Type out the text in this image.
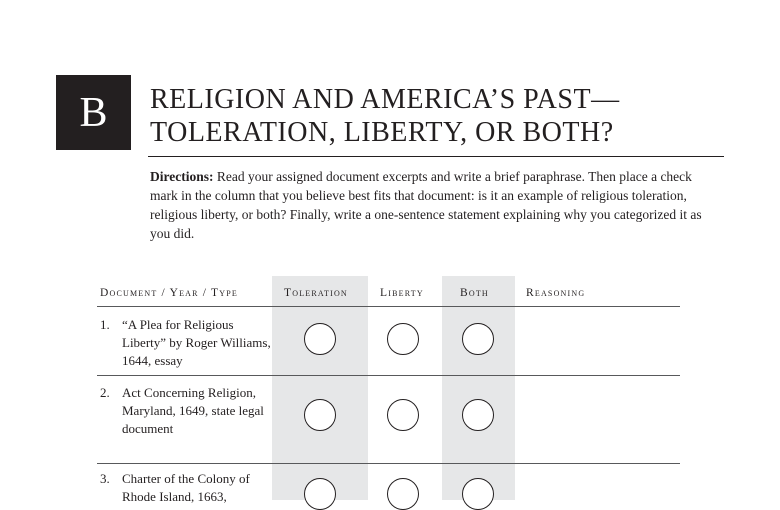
B RELIGION AND AMERICA’S PAST—
TOLERATION, LIBERTY, OR BOTH?
Directions: Read your assigned document excerpts and write a brief paraphrase. Then place a check mark in the column that you believe best fits that document: is it an example of religious toleration, religious liberty, or both? Finally, write a one-sentence statement explaining why you categorized it as you did.
Document / Year / Type	Toleration	Liberty	Both	Reasoning
1. “A Plea for Religious Liberty” by Roger Williams, 1644, essay
2. Act Concerning Religion, Maryland, 1649, state legal document
3. Charter of the Colony of Rhode Island, 1663,
